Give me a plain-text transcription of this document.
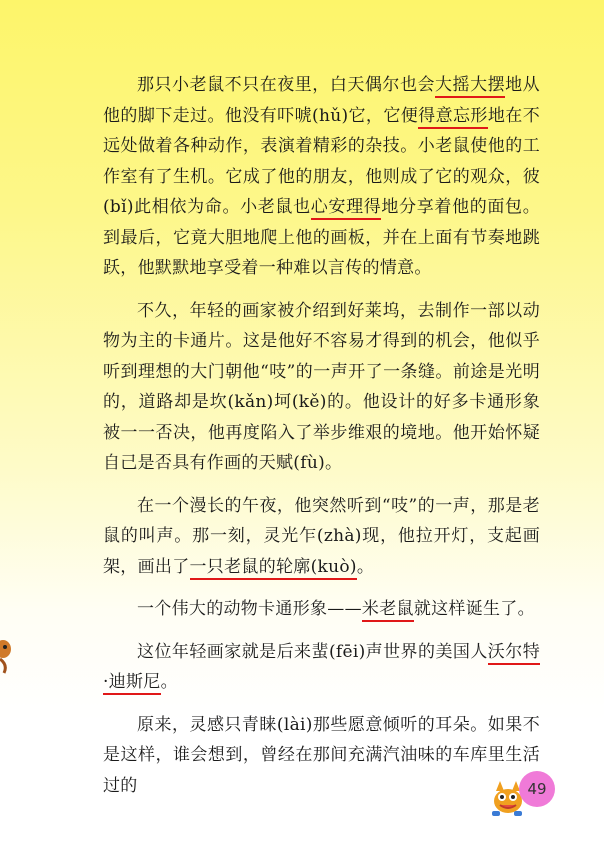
那只小老鼠不只在夜里，白天偶尔也会大摇大摆地从他的脚下走过。他没有吓唬(hǔ)它，它便得意忘形地在不远处做着各种动作，表演着精彩的杂技。小老鼠使他的工作室有了生机。它成了他的朋友，他则成了它的观众，彼(bǐ)此相依为命。小老鼠也心安理得地分享着他的面包。到最后，它竟大胆地爬上他的画板，并在上面有节奏地跳跃，他默默地享受着一种难以言传的情意。

不久，年轻的画家被介绍到好莱坞，去制作一部以动物为主的卡通片。这是他好不容易才得到的机会，他似乎听到理想的大门朝他“吱”的一声开了一条缝。前途是光明的，道路却是坎(kǎn)坷(kě)的。他设计的好多卡通形象被一一否决，他再度陷入了举步维艰的境地。他开始怀疑自己是否具有作画的天赋(fù)。

在一个漫长的午夜，他突然听到“吱”的一声，那是老鼠的叫声。那一刻，灵光乍(zhà)现，他拉开灯，支起画架，画出了一只老鼠的轮廓(kuò)。

一个伟大的动物卡通形象——米老鼠就这样诞生了。

这位年轻画家就是后来蜚(fēi)声世界的美国人沃尔特·迪斯尼。

原来，灵感只青睐(lài)那些愿意倾听的耳朵。如果不是这样，谁会想到，曾经在那间充满汽油味的车库里生活过的	49
